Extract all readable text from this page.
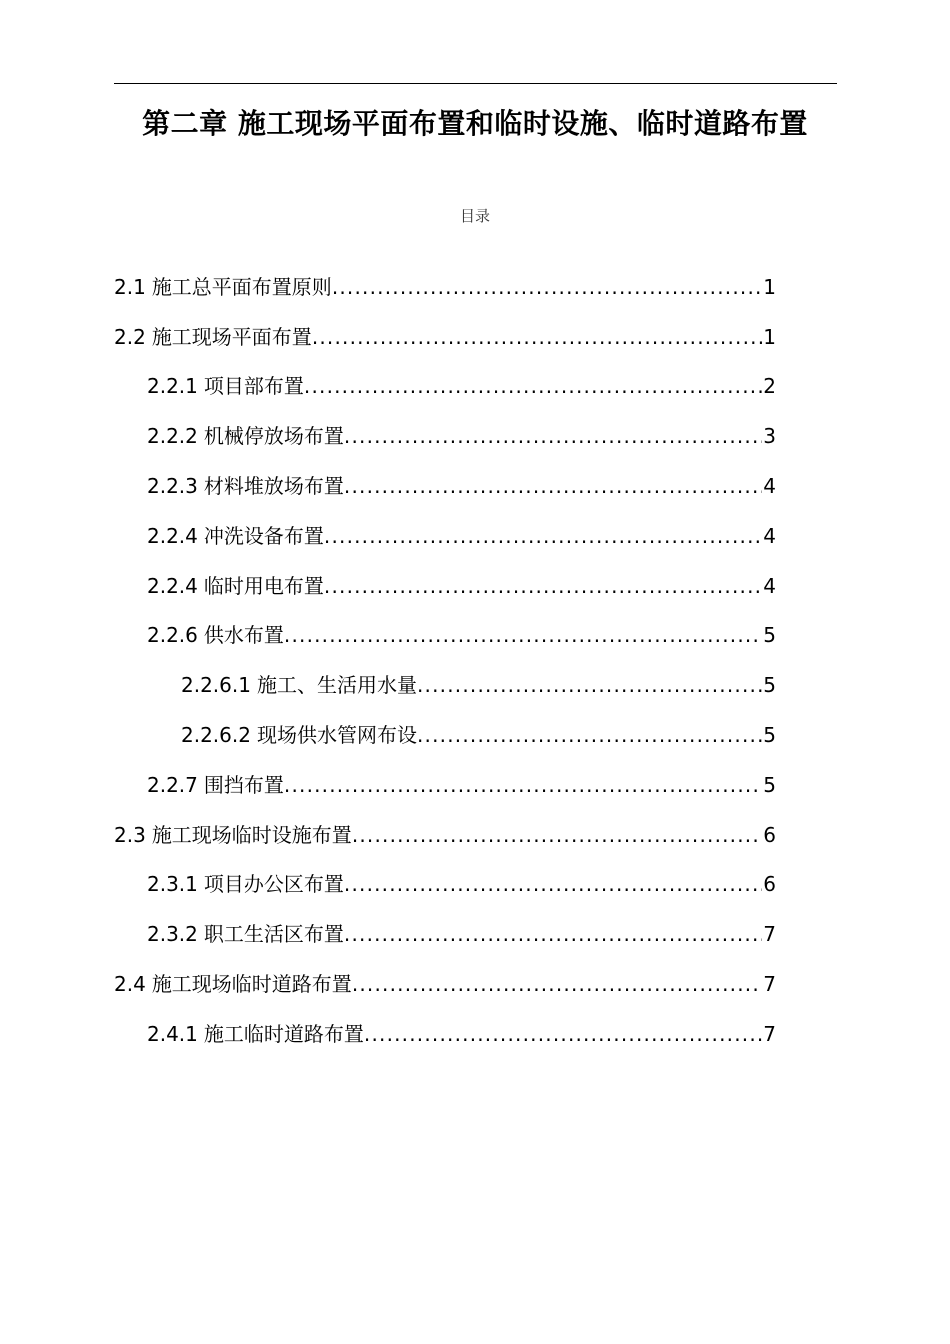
第二章 施工现场平面布置和临时设施、临时道路布置
目录
2.1 施工总平面布置原则 .....	1
2.2 施工现场平面布置 .....	1
2.2.1 项目部布置 .....	2
2.2.2 机械停放场布置 .....	3
2.2.3 材料堆放场布置 .....	4
2.2.4 冲洗设备布置 .....	4
2.2.4 临时用电布置 .....	4
2.2.6 供水布置 .....	5
2.2.6.1 施工、生活用水量 .....	5
2.2.6.2 现场供水管网布设 .....	5
2.2.7 围挡布置 .....	5
2.3 施工现场临时设施布置 .....	6
2.3.1 项目办公区布置 .....	6
2.3.2 职工生活区布置 .....	7
2.4 施工现场临时道路布置 .....	7
2.4.1 施工临时道路布置 .....	7
